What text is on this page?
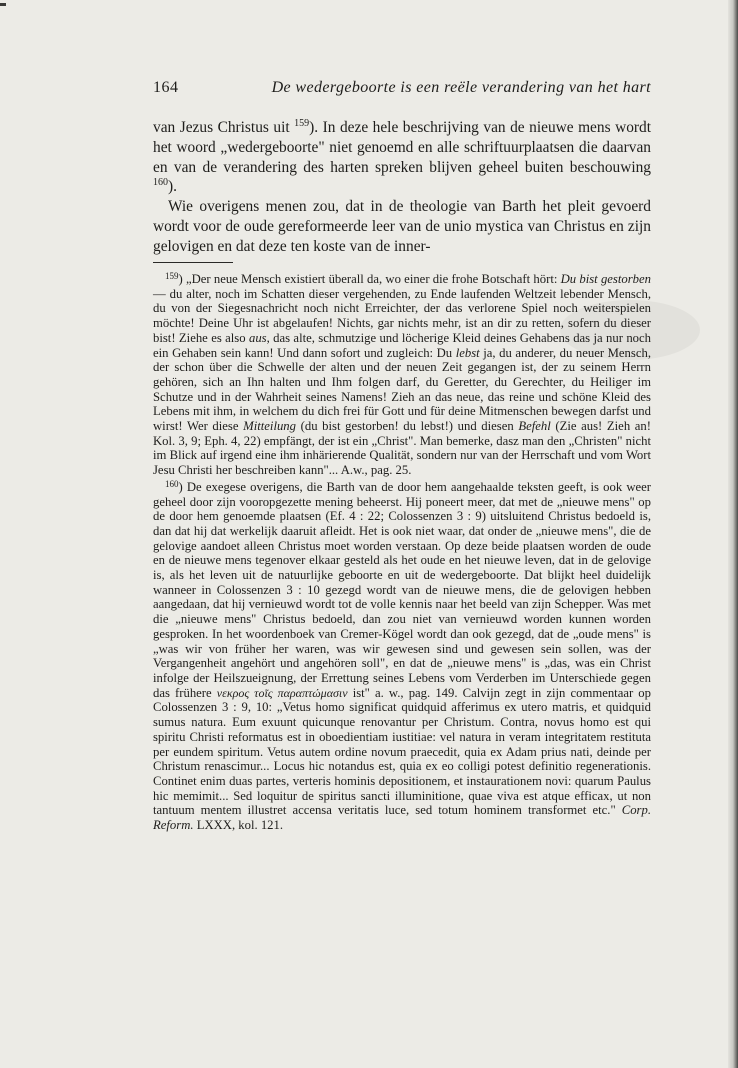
164	De wedergeboorte is een reële verandering van het hart

van Jezus Christus uit $^{159}$). In deze hele beschrijving van de nieuwe mens wordt het woord „wedergeboorte" niet genoemd en alle schriftuurplaatsen die daarvan en van de verandering des harten spreken blijven geheel buiten beschouwing $^{160}$).

Wie overigens menen zou, dat in de theologie van Barth het pleit gevoerd wordt voor de oude gereformeerde leer van de unio mystica van Christus en zijn gelovigen en dat deze ten koste van de inner-

$^{159}$) „Der neue Mensch existiert überall da, wo einer die frohe Botschaft hört: Du bist gestorben — du alter, noch im Schatten dieser vergehenden, zu Ende laufenden Weltzeit lebender Mensch, du von der Siegesnachricht noch nicht Erreichter, der das verlorene Spiel noch weiterspielen möchte! Deine Uhr ist abgelaufen! Nichts, gar nichts mehr, ist an dir zu retten, sofern du dieser bist! Ziehe es also aus, das alte, schmutzige und löcherige Kleid deines Gehabens das ja nur noch ein Gehaben sein kann! Und dann sofort und zugleich: Du lebst ja, du anderer, du neuer Mensch, der schon über die Schwelle der alten und der neuen Zeit gegangen ist, der zu seinem Herrn gehören, sich an Ihn halten und Ihm folgen darf, du Geretter, du Gerechter, du Heiliger im Schutze und in der Wahrheit seines Namens! Zieh an das neue, das reine und schöne Kleid des Lebens mit ihm, in welchem du dich frei für Gott und für deine Mitmenschen bewegen darfst und wirst! Wer diese Mitteilung (du bist gestorben! du lebst!) und diesen Befehl (Zie aus! Zieh an! Kol. 3, 9; Eph. 4, 22) empfängt, der ist ein „Christ". Man bemerke, dasz man den „Christen" nicht im Blick auf irgend eine ihm inhärierende Qualität, sondern nur van der Herrschaft und vom Wort Jesu Christi her beschreiben kann"... A.w., pag. 25.

$^{160}$) De exegese overigens, die Barth van de door hem aangehaalde teksten geeft, is ook weer geheel door zijn vooropgezette mening beheerst. Hij poneert meer, dat met de „nieuwe mens" op de door hem genoemde plaatsen (Ef. 4 : 22; Colossenzen 3 : 9) uitsluitend Christus bedoeld is, dan dat hij dat werkelijk daaruit afleidt. Het is ook niet waar, dat onder de „nieuwe mens", die de gelovige aandoet alleen Christus moet worden verstaan. Op deze beide plaatsen worden de oude en de nieuwe mens tegenover elkaar gesteld als het oude en het nieuwe leven, dat in de gelovige is, als het leven uit de natuurlijke geboorte en uit de wedergeboorte. Dat blijkt heel duidelijk wanneer in Colossenzen 3 : 10 gezegd wordt van de nieuwe mens, die de gelovigen hebben aangedaan, dat hij vernieuwd wordt tot de volle kennis naar het beeld van zijn Schepper. Was met die „nieuwe mens" Christus bedoeld, dan zou niet van vernieuwd worden kunnen worden gesproken. In het woordenboek van Cremer-Kögel wordt dan ook gezegd, dat de „oude mens" is „was wir von früher her waren, was wir gewesen sind und gewesen sein sollen, was der Vergangenheit angehört und angehören soll", en dat de „nieuwe mens" is „das, was ein Christ infolge der Heilszueignung, der Errettung seines Lebens vom Verderben im Unterschiede gegen das frühere νεκρος τοῖς παραπτώμασιν ist" a. w., pag. 149. Calvijn zegt in zijn commentaar op Colossenzen 3 : 9, 10: „Vetus homo significat quidquid afferimus ex utero matris, et quidquid sumus natura. Eum exuunt quicunque renovantur per Christum. Contra, novus homo est qui spiritu Christi reformatus est in oboedientiam iustitiae: vel natura in veram integritatem restituta per eundem spiritum. Vetus autem ordine novum praecedit, quia ex Adam prius nati, deinde per Christum renascimur... Locus hic notandus est, quia ex eo colligi potest definitio regenerationis. Continet enim duas partes, verteris hominis depositionem, et instaurationem novi: quarum Paulus hic memimit... Sed loquitur de spiritus sancti illuminitione, quae viva est atque efficax, ut non tantuum mentem illustret accensa veritatis luce, sed totum hominem transformet etc." Corp. Reform. LXXX, kol. 121.
